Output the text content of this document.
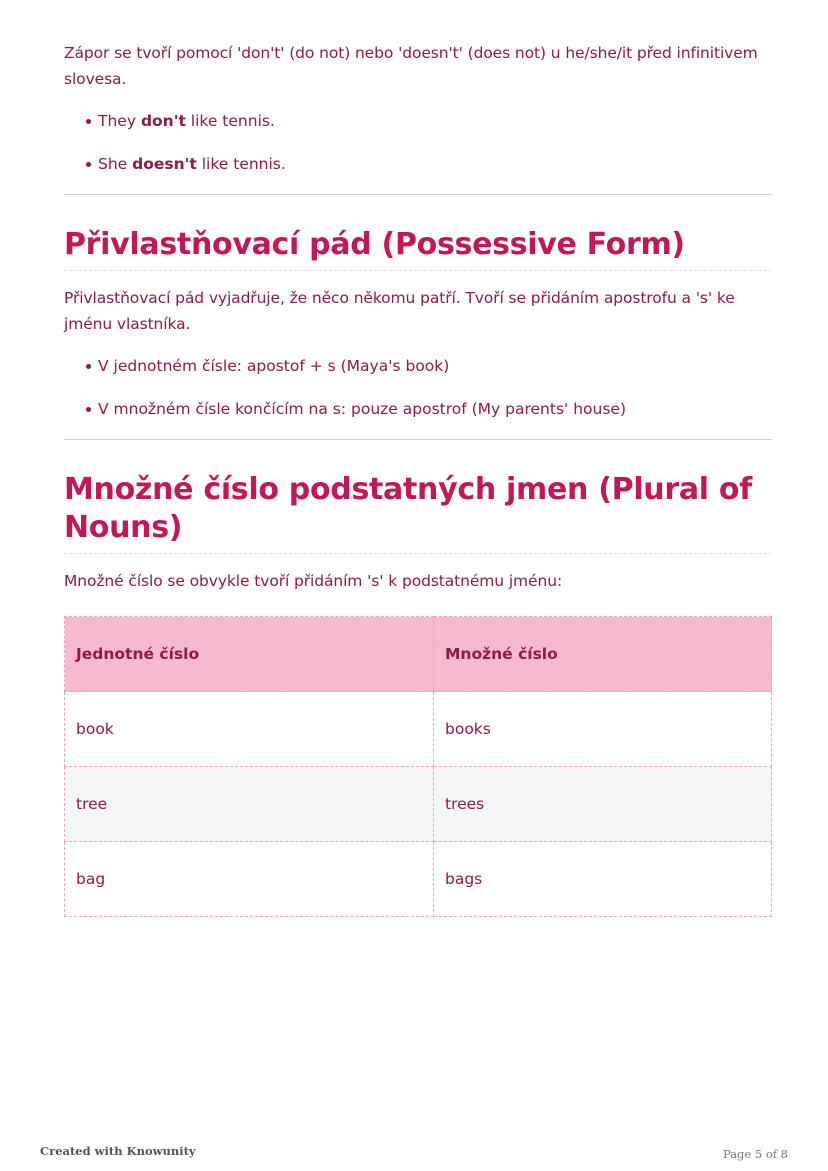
Zápor se tvoří pomocí 'don't' (do not) nebo 'doesn't' (does not) u he/she/it před infinitivem slovesa.

They don't like tennis.
She doesn't like tennis.
Přivlastňovací pád (Possessive Form)

Přivlastňovací pád vyjadřuje, že něco někomu patří. Tvoří se přidáním apostrofu a 's' ke jménu vlastníka.

V jednotném čísle: apostof + s (Maya's book)
V množném čísle končícím na s: pouze apostrof (My parents' house)
Množné číslo podstatných jmen (Plural of Nouns)

Množné číslo se obvykle tvoří přidáním 's' k podstatnému jménu:

Jednotné číslo	Množné číslo
book	books
tree	trees
bag	bags
Created with Knowunity	Page 5 of 8
